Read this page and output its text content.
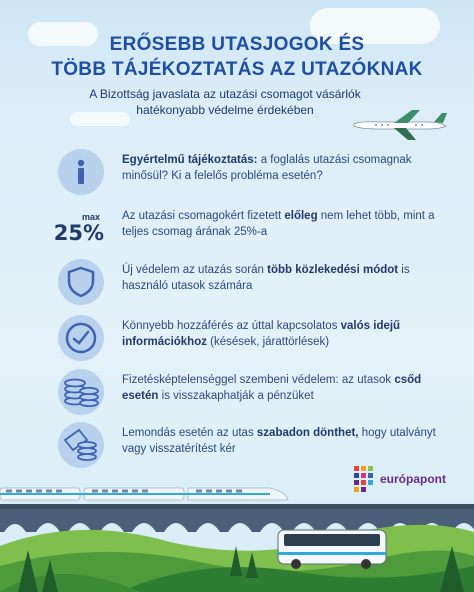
ERŐSEBB UTASJOGOK ÉS
TÖBB TÁJÉKOZTATÁS AZ UTAZÓKNAK
A Bizottság javaslata az utazási csomagot vásárlók
hatékonyabb védelme érdekében
Egyértelmű tájékoztatás: a foglalás utazási csomagnak minősül? Ki a felelős probléma esetén?
max
25%
Az utazási csomagokért fizetett előleg nem lehet több, mint a teljes csomag árának 25%-a
Új védelem az utazás során több közlekedési módot is használó utasok számára
Könnyebb hozzáférés az úttal kapcsolatos valós idejű információkhoz (késések, járattörlések)
Fizetésképtelenséggel szembeni védelem: az utasok csőd esetén is visszakaphatják a pénzüket
Lemondás esetén az utas szabadon dönthet, hogy utalványt vagy visszatérítést kér
európapont
